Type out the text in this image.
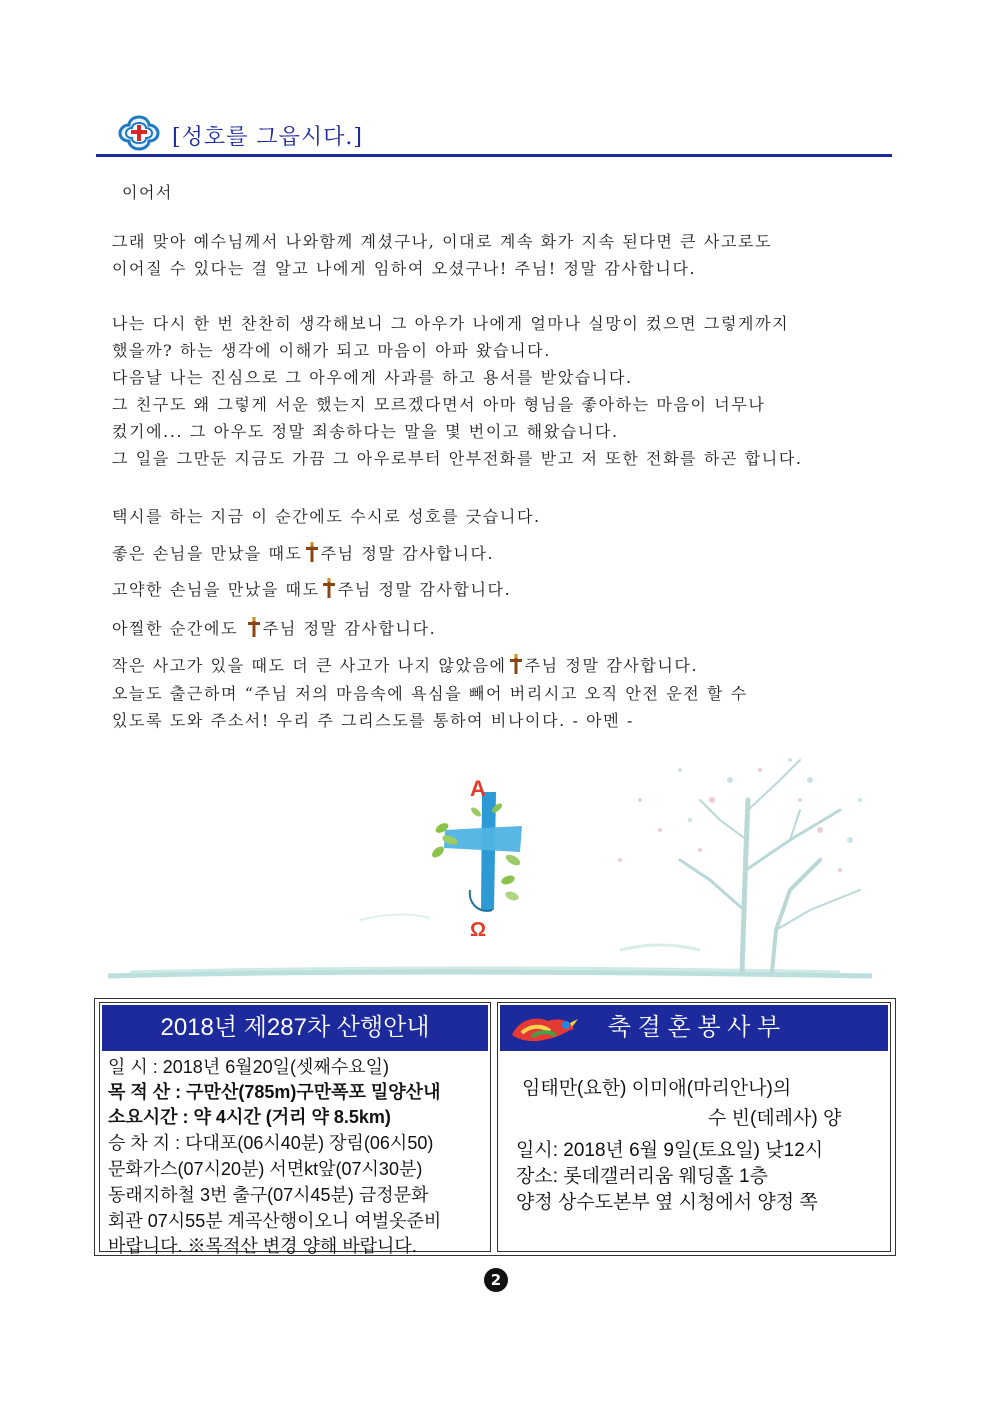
[성호를 그읍시다.]
이어서

그래 맞아 예수님께서 나와함께 계셨구나, 이대로 계속 화가 지속 된다면 큰 사고로도

이어질 수 있다는 걸 알고 나에게 임하여 오셨구나! 주님! 정말 감사합니다.

나는 다시 한 번 찬찬히 생각해보니 그 아우가 나에게 얼마나 실망이 컸으면 그렇게까지

했을까? 하는 생각에 이해가 되고 마음이 아파 왔습니다.

다음날 나는 진심으로 그 아우에게 사과를 하고 용서를 받았습니다.

그 친구도 왜 그렇게 서운 했는지 모르겠다면서 아마 형님을 좋아하는 마음이 너무나

컸기에... 그 아우도 정말 죄송하다는 말을 몇 번이고 해왔습니다.

그 일을 그만둔 지금도 가끔 그 아우로부터 안부전화를 받고 저 또한 전화를 하곤 합니다.

택시를 하는 지금 이 순간에도 수시로 성호를 긋습니다.
좋은 손님을 만났을 때도 주님 정말 감사합니다.
고약한 손님을 만났을 때도 주님 정말 감사합니다.
아찔한 순간에도 주님 정말 감사합니다.
작은 사고가 있을 때도 더 큰 사고가 나지 않았음에 주님 정말 감사합니다.

오늘도 출근하며 “주님 저의 마음속에 욕심을 빼어 버리시고 오직 안전 운전 할 수

있도록 도와 주소서! 우리 주 그리스도를 통하여 비나이다. - 아멘 -

A
Ω
2018년 제287차 산행안내
일 시 : 2018년 6월20일(셋째수요일)
목 적 산 : 구만산(785m)구만폭포 밀양산내
소요시간 : 약 4시간 (거리 약 8.5km)
승 차 지 : 다대포(06시40분) 장림(06시50)
문화가스(07시20분) 서면kt앞(07시30분)
동래지하철 3번 출구(07시45분) 금정문화
회관 07시55분 계곡산행이오니 여벌옷준비
바랍니다. ※목적산 변경 양해 바랍니다.
축 결 혼 봉 사 부
임태만(요한) 이미애(마리안나)의
수 빈(데레사) 양
일시: 2018년 6월 9일(토요일) 낮12시
장소: 롯데갤러리움 웨딩홀 1층
양정 상수도본부 옆 시청에서 양정 쪽
2
